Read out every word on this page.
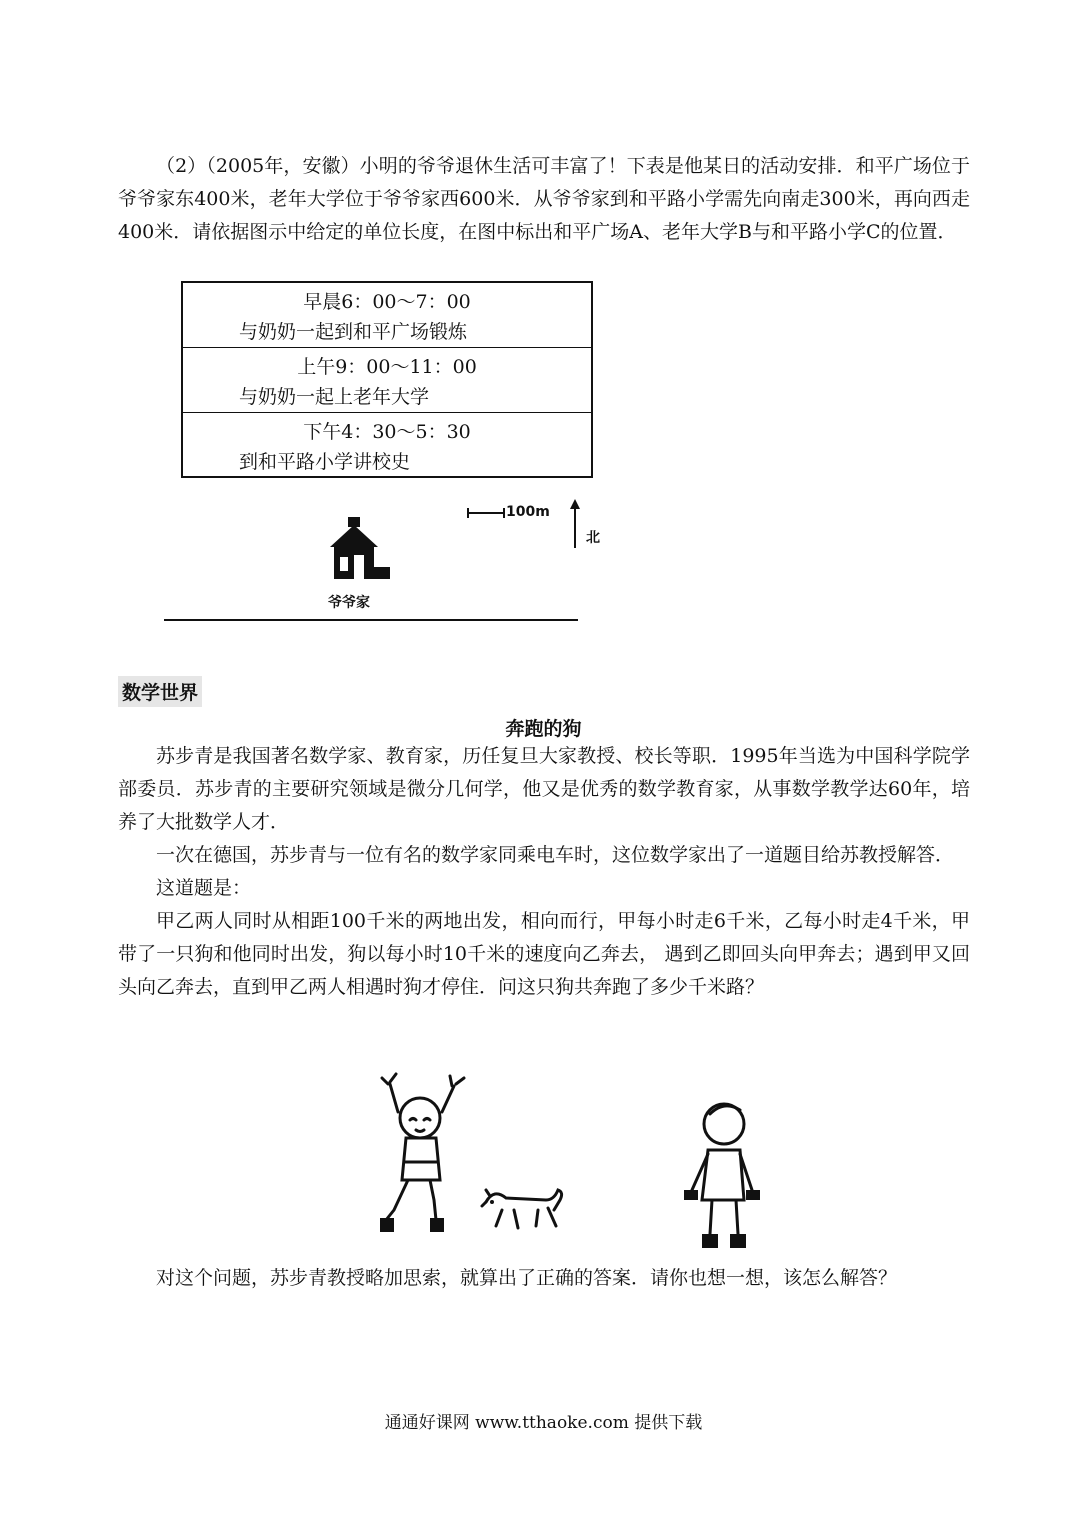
（2）（2005年，安徽）小明的爷爷退休生活可丰富了！下表是他某日的活动安排．和平广场位于爷爷家东400米，老年大学位于爷爷家西600米．从爷爷家到和平路小学需先向南走300米，再向西走400米．请依据图示中给定的单位长度，在图中标出和平广场A、老年大学B与和平路小学C的位置．

早晨6：00～7：00
与奶奶一起到和平广场锻炼
上午9：00～11：00
与奶奶一起上老年大学
下午4：30～5：30
到和平路小学讲校史
100m
北
爷爷家
数学世界
奔跑的狗

苏步青是我国著名数学家、教育家，历任复旦大家教授、校长等职．1995年当选为中国科学院学部委员．苏步青的主要研究领域是微分几何学，他又是优秀的数学教育家，从事数学教学达60年，培养了大批数学人才．

一次在德国，苏步青与一位有名的数学家同乘电车时，这位数学家出了一道题目给苏教授解答．

这道题是：

甲乙两人同时从相距100千米的两地出发，相向而行，甲每小时走6千米，乙每小时走4千米，甲带了一只狗和他同时出发，狗以每小时10千米的速度向乙奔去， 遇到乙即回头向甲奔去；遇到甲又回头向乙奔去，直到甲乙两人相遇时狗才停住．问这只狗共奔跑了多少千米路？

对这个问题，苏步青教授略加思索，就算出了正确的答案．请你也想一想，该怎么解答？

通通好课网 www.tthaoke.com 提供下载
